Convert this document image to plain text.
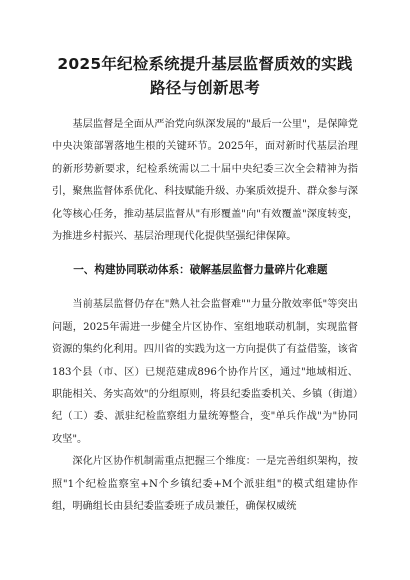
2025年纪检系统提升基层监督质效的实践
路径与创新思考

基层监督是全面从严治党向纵深发展的"最后一公里"，是保障党中央决策部署落地生根的关键环节。2025年，面对新时代基层治理的新形势新要求，纪检系统需以二十届中央纪委三次全会精神为指引，聚焦监督体系优化、科技赋能升级、办案质效提升、群众参与深化等核心任务，推动基层监督从"有形覆盖"向"有效覆盖"深度转变，为推进乡村振兴、基层治理现代化提供坚强纪律保障。

一、构建协同联动体系：破解基层监督力量碎片化难题

当前基层监督仍存在"熟人社会监督难""力量分散效率低"等突出问题，2025年需进一步健全片区协作、室组地联动机制，实现监督资源的集约化利用。四川省的实践为这一方向提供了有益借鉴，该省183个县（市、区）已规范建成896个协作片区，通过"地域相近、职能相关、务实高效"的分组原则，将县纪委监委机关、乡镇（街道）纪（工）委、派驻纪检监察组力量统筹整合，变"单兵作战"为"协同攻坚"。

深化片区协作机制需重点把握三个维度：一是完善组织架构，按照"1个纪检监察室+N个乡镇纪委+M个派驻组"的模式组建协作组，明确组长由县纪委监委班子成员兼任，确保权威统
